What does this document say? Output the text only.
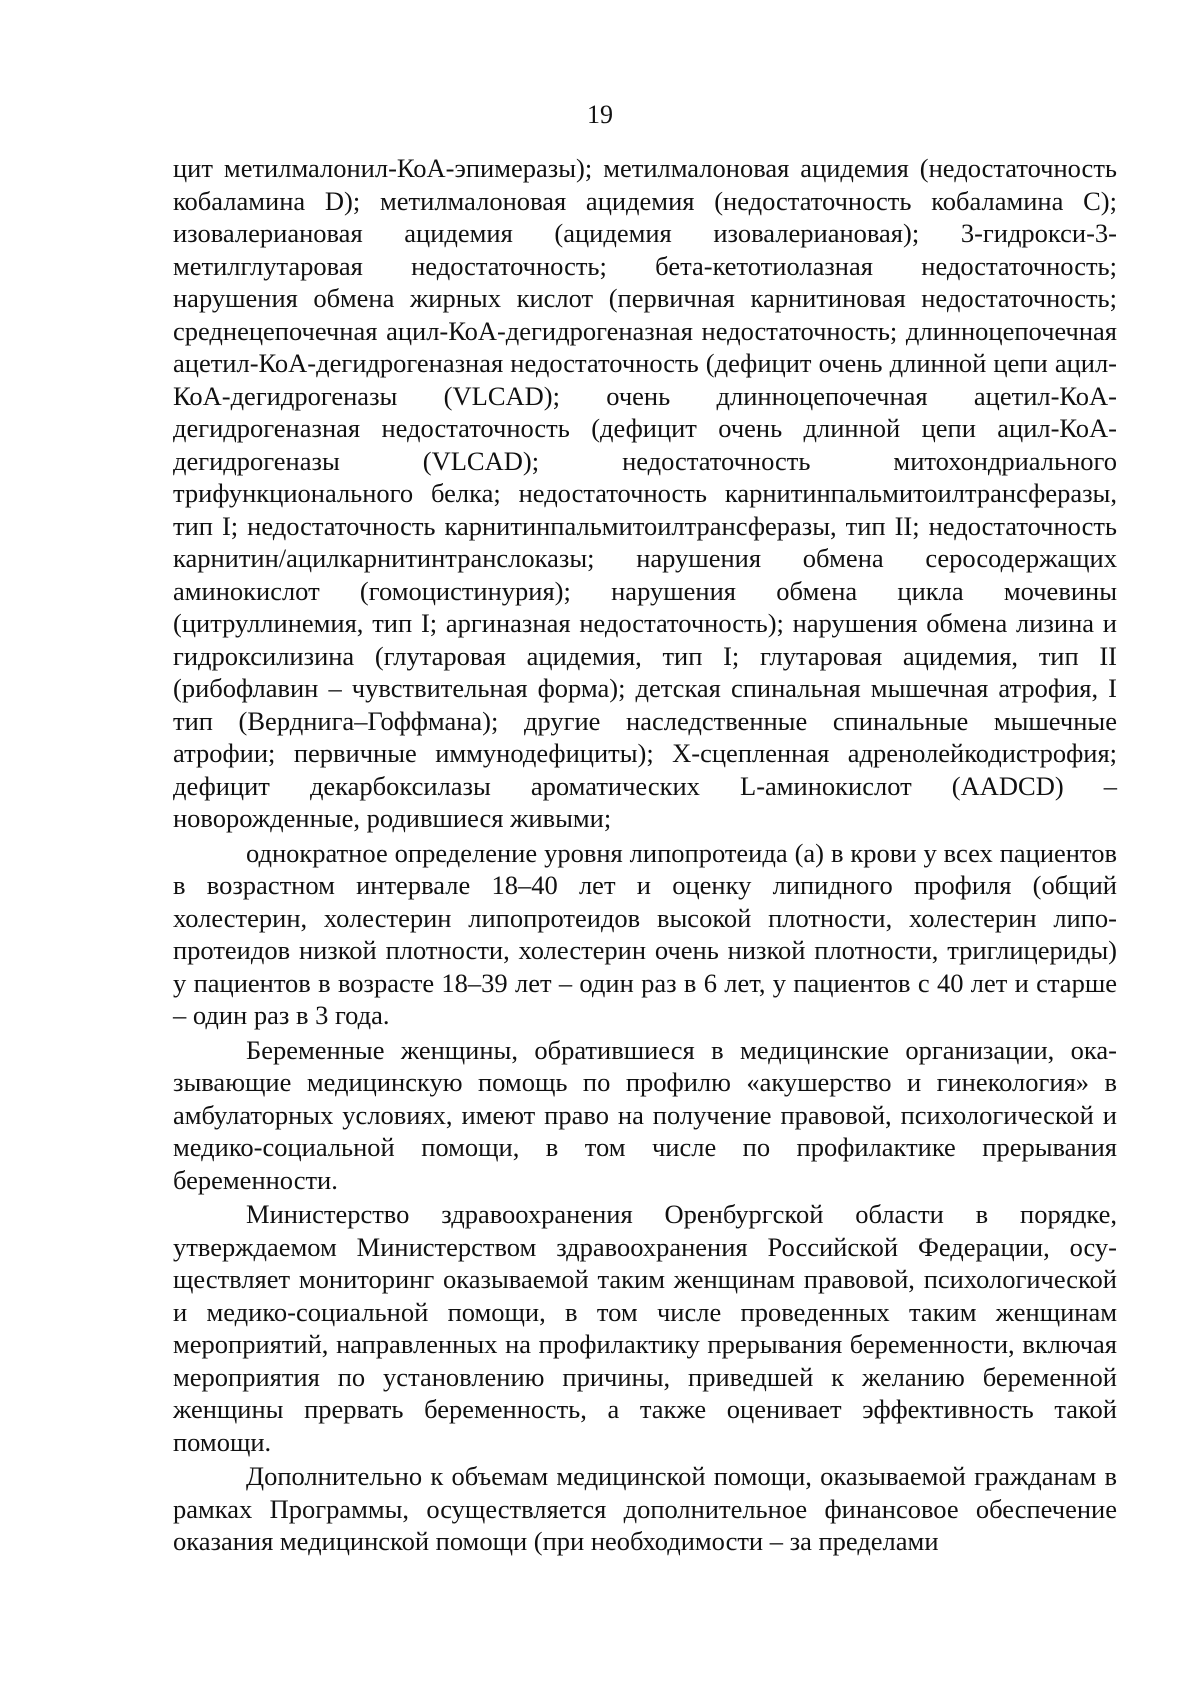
19

цит метилмалонил-КоА-эпимеразы); метилмалоновая ацидемия (недостаточность кобаламина D); метилмалоновая ацидемия (недостаточность кобаламина С); изовалериановая ацидемия (ацидемия изовалериановая); 3-гидрокси-3-метилглутаровая недостаточность; бета-кетотиолазная недостаточность; нарушения обмена жирных кислот (первичная карнитиновая недостаточность; среднецепочечная ацил-КоА-дегидрогеназная недостаточность; длинноцепочечная ацетил-КоА-дегидрогеназная недостаточность (дефицит очень длинной цепи ацил-КоА-дегидрогеназы (VLCAD); очень длинноцепочечная ацетил-КоА-дегидрогеназная недостаточность (дефицит очень длинной цепи ацил-КоА-дегидрогеназы (VLCAD); недостаточность митохондриального трифункционального белка; недостаточность карнитинпальмитоилтрансферазы, тип I; недостаточность карнитинпальмитоилтрансферазы, тип II; недостаточность карнитин/ацилкарнитинтранслоказы; нарушения обмена серосодержащих аминокислот (гомоцистинурия); нарушения обмена цикла мочевины (цитруллинемия, тип I; аргиназная недостаточность); нарушения обмена лизина и гидроксилизина (глутаровая ацидемия, тип I; глутаровая ацидемия, тип II (рибофлавин – чувствительная форма); детская спинальная мышечная атрофия, I тип (Верднига–Гоффмана); другие наследственные спинальные мышечные атрофии; первичные иммунодефициты); Х-сцепленная адренолейкодистрофия; дефицит декарбоксилазы ароматических L-аминокислот (AADCD) – новорожденные, родившиеся живыми;

однократное определение уровня липопротеида (а) в крови у всех пациентов в возрастном интервале 18–40 лет и оценку липидного профиля (общий холестерин, холестерин липопротеидов высокой плотности, холестерин липопротеидов низкой плотности, холестерин очень низкой плотности, триглицериды) у пациентов в возрасте 18–39 лет – один раз в 6 лет, у пациентов с 40 лет и старше – один раз в 3 года.

Беременные женщины, обратившиеся в медицинские организации, оказывающие медицинскую помощь по профилю «акушерство и гинекология» в амбулаторных условиях, имеют право на получение правовой, психологической и медико-социальной помощи, в том числе по профилактике прерывания беременности.

Министерство здравоохранения Оренбургской области в порядке, утверждаемом Министерством здравоохранения Российской Федерации, осуществляет мониторинг оказываемой таким женщинам правовой, психологической и медико-социальной помощи, в том числе проведенных таким женщинам мероприятий, направленных на профилактику прерывания беременности, включая мероприятия по установлению причины, приведшей к желанию беременной женщины прервать беременность, а также оценивает эффективность такой помощи.

Дополнительно к объемам медицинской помощи, оказываемой гражданам в рамках Программы, осуществляется дополнительное финансовое обеспечение оказания медицинской помощи (при необходимости – за пределами
